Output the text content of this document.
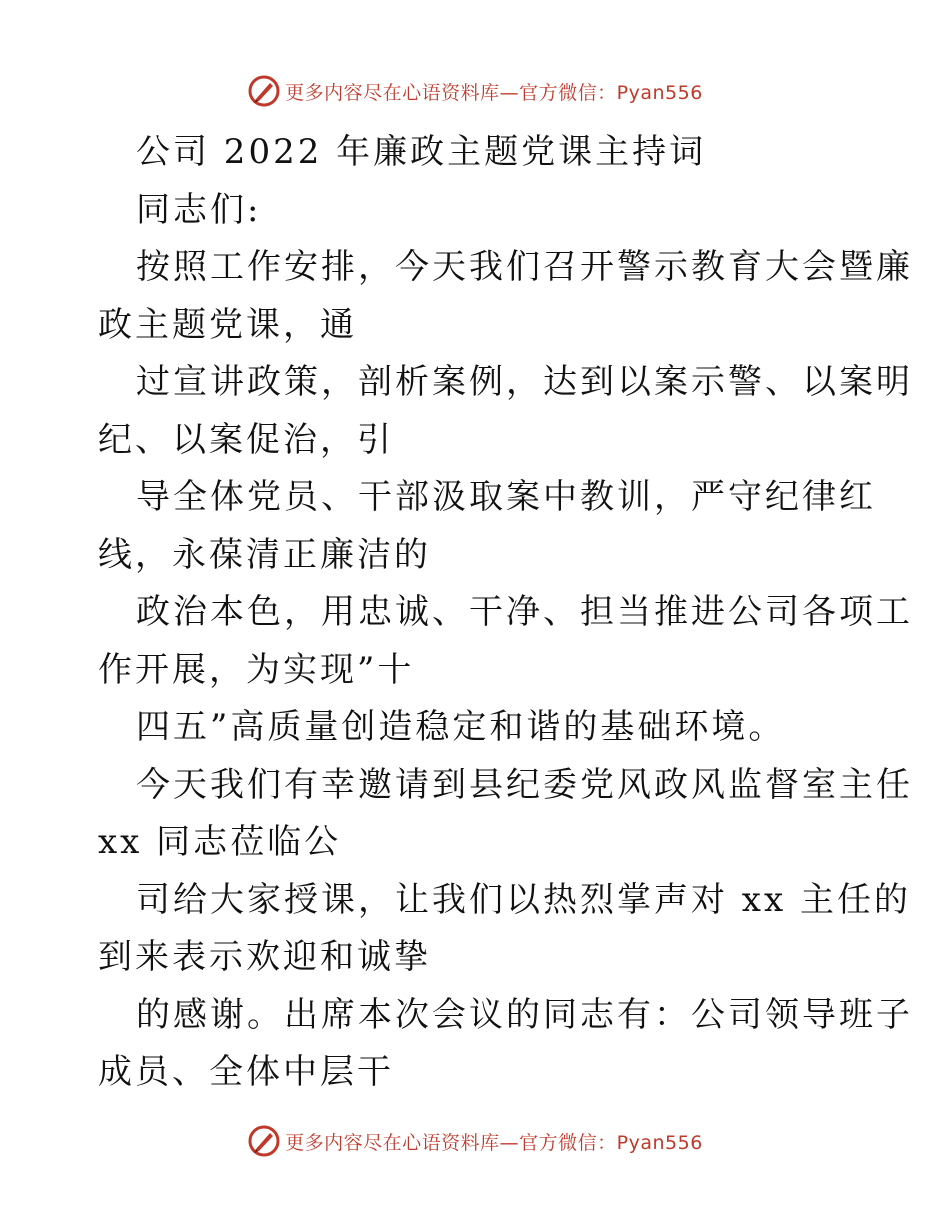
更多内容尽在心语资料库—官方微信：Pyan556
公司 2022 年廉政主题党课主持词
同志们:
按照工作安排，今天我们召开警示教育大会暨廉
政主题党课，通
过宣讲政策，剖析案例，达到以案示警、以案明
纪、以案促治，引
导全体党员、干部汲取案中教训，严守纪律红
线，永葆清正廉洁的
政治本色，用忠诚、干净、担当推进公司各项工
作开展，为实现”十
四五”高质量创造稳定和谐的基础环境。
今天我们有幸邀请到县纪委党风政风监督室主任
xx 同志莅临公
司给大家授课，让我们以热烈掌声对 xx 主任的
到来表示欢迎和诚挚
的感谢。出席本次会议的同志有：公司领导班子
成员、全体中层干
更多内容尽在心语资料库—官方微信：Pyan556
